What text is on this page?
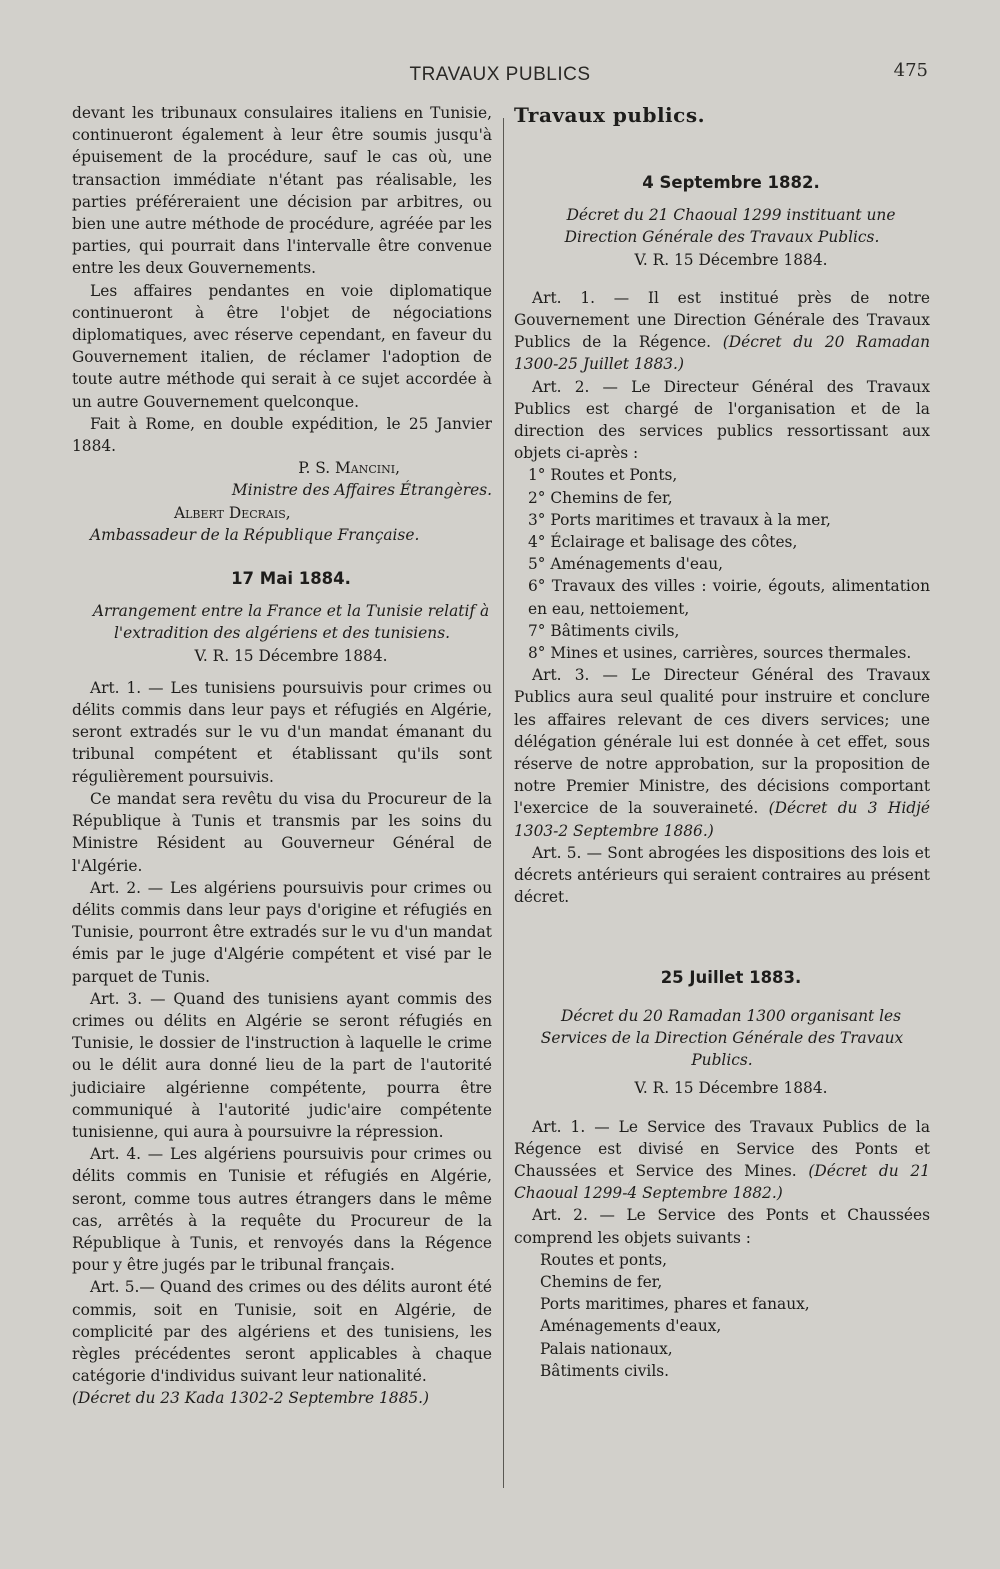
TRAVAUX PUBLICS	475

devant les tribunaux consulaires italiens en Tunisie, continueront également à leur être soumis jusqu'à épuisement de la procédure, sauf le cas où, une transaction immédiate n'étant pas réalisable, les parties préféreraient une décision par arbitres, ou bien une autre méthode de procédure, agréée par les parties, qui pourrait dans l'intervalle être convenue entre les deux Gouvernements.

Les affaires pendantes en voie diplomatique continueront à être l'objet de négociations diplomatiques, avec réserve cependant, en faveur du Gouvernement italien, de réclamer l'adoption de toute autre méthode qui serait à ce sujet accordée à un autre Gouvernement quelconque.

Fait à Rome, en double expédition, le 25 Janvier 1884.

P. S. Mancini,

Ministre des Affaires Étrangères.

Albert Decrais,

Ambassadeur de la République Française.

17 Mai 1884.

Arrangement entre la France et la Tunisie relatif à l'extradition des algériens et des tunisiens.

V. R. 15 Décembre 1884.

Art. 1. — Les tunisiens poursuivis pour crimes ou délits commis dans leur pays et réfugiés en Algérie, seront extradés sur le vu d'un mandat émanant du tribunal compétent et établissant qu'ils sont régulièrement poursuivis.

Ce mandat sera revêtu du visa du Procureur de la République à Tunis et transmis par les soins du Ministre Résident au Gouverneur Général de l'Algérie.

Art. 2. — Les algériens poursuivis pour crimes ou délits commis dans leur pays d'origine et réfugiés en Tunisie, pourront être extradés sur le vu d'un mandat émis par le juge d'Algérie compétent et visé par le parquet de Tunis.

Art. 3. — Quand des tunisiens ayant commis des crimes ou délits en Algérie se seront réfugiés en Tunisie, le dossier de l'instruction à laquelle le crime ou le délit aura donné lieu de la part de l'autorité judiciaire algérienne compétente, pourra être communiqué à l'autorité judic'aire compétente tunisienne, qui aura à poursuivre la répression.

Art. 4. — Les algériens poursuivis pour crimes ou délits commis en Tunisie et réfugiés en Algérie, seront, comme tous autres étrangers dans le même cas, arrêtés à la requête du Procureur de la République à Tunis, et renvoyés dans la Régence pour y être jugés par le tribunal français.

Art. 5.— Quand des crimes ou des délits auront été commis, soit en Tunisie, soit en Algérie, de complicité par des algériens et des tunisiens, les règles précédentes seront applicables à chaque catégorie d'individus suivant leur nationalité.

(Décret du 23 Kada 1302-2 Septembre 1885.)

Travaux publics.

4 Septembre 1882.

Décret du 21 Chaoual 1299 instituant une Direction Générale des Travaux Publics.

V. R. 15 Décembre 1884.

Art. 1. — Il est institué près de notre Gouvernement une Direction Générale des Travaux Publics de la Régence. (Décret du 20 Ramadan 1300-25 Juillet 1883.)

Art. 2. — Le Directeur Général des Travaux Publics est chargé de l'organisation et de la direction des services publics ressortissant aux objets ci-après :

1° Routes et Ponts,
2° Chemins de fer,
3° Ports maritimes et travaux à la mer,
4° Éclairage et balisage des côtes,
5° Aménagements d'eau,
6° Travaux des villes : voirie, égouts, alimentation en eau, nettoiement,
7° Bâtiments civils,
8° Mines et usines, carrières, sources thermales.

Art. 3. — Le Directeur Général des Travaux Publics aura seul qualité pour instruire et conclure les affaires relevant de ces divers services; une délégation générale lui est donnée à cet effet, sous réserve de notre approbation, sur la proposition de notre Premier Ministre, des décisions comportant l'exercice de la souveraineté. (Décret du 3 Hidjé 1303-2 Septembre 1886.)

Art. 5. — Sont abrogées les dispositions des lois et décrets antérieurs qui seraient contraires au présent décret.

25 Juillet 1883.

Décret du 20 Ramadan 1300 organisant les Services de la Direction Générale des Travaux Publics.

V. R. 15 Décembre 1884.

Art. 1. — Le Service des Travaux Publics de la Régence est divisé en Service des Ponts et Chaussées et Service des Mines. (Décret du 21 Chaoual 1299-4 Septembre 1882.)

Art. 2. — Le Service des Ponts et Chaussées comprend les objets suivants :

Routes et ponts,
Chemins de fer,
Ports maritimes, phares et fanaux,
Aménagements d'eaux,
Palais nationaux,
Bâtiments civils.
